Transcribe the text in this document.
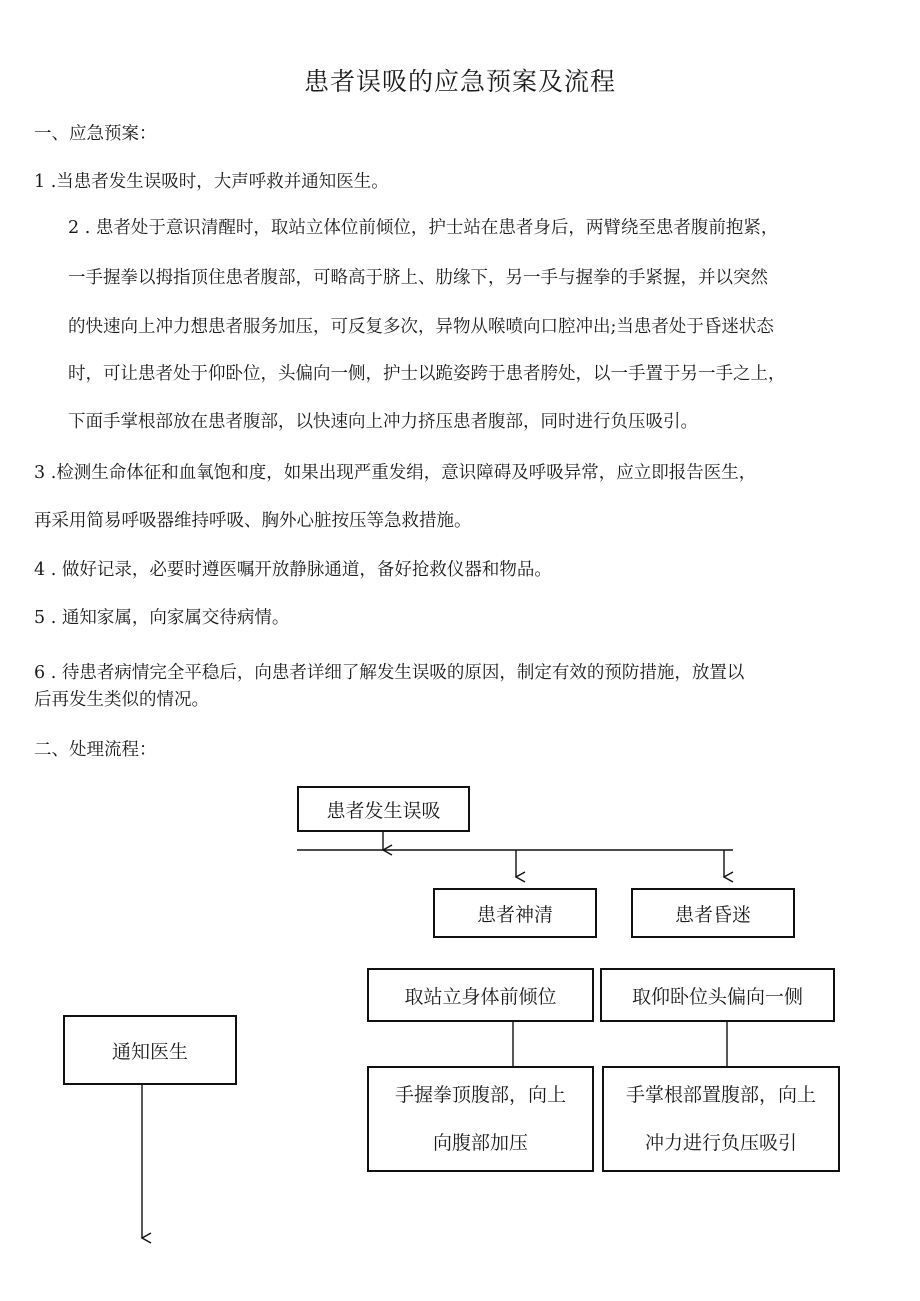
患者误吸的应急预案及流程
一、应急预案：
1 .当患者发生误吸时，大声呼救并通知医生。
2 . 患者处于意识清醒时，取站立体位前倾位，护士站在患者身后，两臂绕至患者腹前抱紧，
一手握拳以拇指顶住患者腹部，可略高于脐上、肋缘下，另一手与握拳的手紧握，并以突然
的快速向上冲力想患者服务加压，可反复多次，异物从喉喷向口腔冲出;当患者处于昏迷状态
时，可让患者处于仰卧位，头偏向一侧，护士以跪姿跨于患者胯处，以一手置于另一手之上，
下面手掌根部放在患者腹部，以快速向上冲力挤压患者腹部，同时进行负压吸引。
3 .检测生命体征和血氧饱和度，如果出现严重发绢，意识障碍及呼吸异常，应立即报告医生，
再采用简易呼吸器维持呼吸、胸外心脏按压等急救措施。
4 . 做好记录，必要时遵医嘱开放静脉通道，备好抢救仪器和物品。
5 . 通知家属，向家属交待病情。
6 . 待患者病情完全平稳后，向患者详细了解发生误吸的原因，制定有效的预防措施，放置以
后再发生类似的情况。
二、处理流程：
患者发生误吸
患者神清	患者昏迷
取站立身体前倾位	取仰卧位头偏向一侧
通知医生
手握拳顶腹部，向上
向腹部加压
手掌根部置腹部，向上
冲力进行负压吸引
